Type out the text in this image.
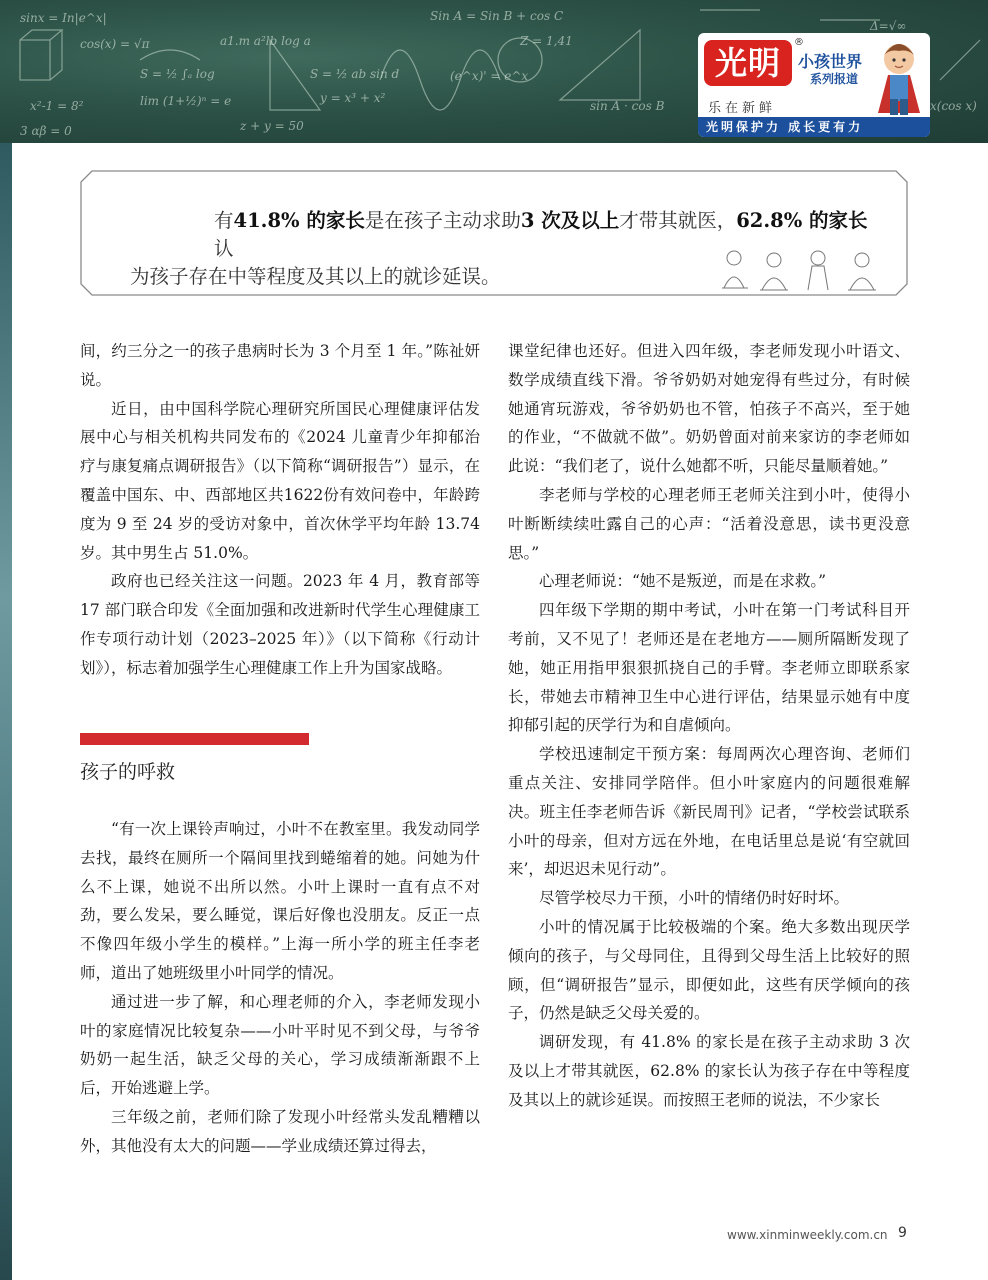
sinx = In|e^x|
cos(x) = √π
S = ½ ∫ₐ log
x²-1 = 8²	lim (1+½)ⁿ = e
a1.m a²lb log a
S = ½ ab sin d
y = x³ + x²
Sin A = Sin B + cos C
Z = 1,41
(e^x)' = e^x
sin A · cos B
Δ=√∞
x(cos x)
3 αβ = 0	z + y = 50
光明
®
小孩世界
系列报道
乐在新鲜
光明保护力 成长更有力
有41.8% 的家长是在孩子主动求助3 次及以上才带其就医，62.8% 的家长认
为孩子存在中等程度及其以上的就诊延误。

间，约三分之一的孩子患病时长为 3 个月至 1 年。”陈祉妍说。

近日，由中国科学院心理研究所国民心理健康评估发展中心与相关机构共同发布的《2024 儿童青少年抑郁治疗与康复痛点调研报告》（以下简称“调研报告”）显示，在覆盖中国东、中、西部地区共1622份有效问卷中，年龄跨度为 9 至 24 岁的受访对象中，首次休学平均年龄 13.74 岁。其中男生占 51.0%。

政府也已经关注这一问题。2023 年 4 月，教育部等 17 部门联合印发《全面加强和改进新时代学生心理健康工作专项行动计划（2023–2025 年）》（以下简称《行动计划》），标志着加强学生心理健康工作上升为国家战略。

孩子的呼救

“有一次上课铃声响过，小叶不在教室里。我发动同学去找，最终在厕所一个隔间里找到蜷缩着的她。问她为什么不上课，她说不出所以然。小叶上课时一直有点不对劲，要么发呆，要么睡觉，课后好像也没朋友。反正一点不像四年级小学生的模样。”上海一所小学的班主任李老师，道出了她班级里小叶同学的情况。

通过进一步了解，和心理老师的介入，李老师发现小叶的家庭情况比较复杂——小叶平时见不到父母，与爷爷奶奶一起生活，缺乏父母的关心，学习成绩渐渐跟不上后，开始逃避上学。

三年级之前，老师们除了发现小叶经常头发乱糟糟以外，其他没有太大的问题——学业成绩还算过得去，

课堂纪律也还好。但进入四年级，李老师发现小叶语文、数学成绩直线下滑。爷爷奶奶对她宠得有些过分，有时候她通宵玩游戏，爷爷奶奶也不管，怕孩子不高兴，至于她的作业，“不做就不做”。奶奶曾面对前来家访的李老师如此说：“我们老了，说什么她都不听，只能尽量顺着她。”

李老师与学校的心理老师王老师关注到小叶，使得小叶断断续续吐露自己的心声：“活着没意思，读书更没意思。”

心理老师说：“她不是叛逆，而是在求救。”

四年级下学期的期中考试，小叶在第一门考试科目开考前，又不见了！老师还是在老地方——厕所隔断发现了她，她正用指甲狠狠抓挠自己的手臂。李老师立即联系家长，带她去市精神卫生中心进行评估，结果显示她有中度抑郁引起的厌学行为和自虐倾向。

学校迅速制定干预方案：每周两次心理咨询、老师们重点关注、安排同学陪伴。但小叶家庭内的问题很难解决。班主任李老师告诉《新民周刊》记者，“学校尝试联系小叶的母亲，但对方远在外地，在电话里总是说‘有空就回来’，却迟迟未见行动”。

尽管学校尽力干预，小叶的情绪仍时好时坏。

小叶的情况属于比较极端的个案。绝大多数出现厌学倾向的孩子，与父母同住，且得到父母生活上比较好的照顾，但“调研报告”显示，即便如此，这些有厌学倾向的孩子，仍然是缺乏父母关爱的。

调研发现，有 41.8% 的家长是在孩子主动求助 3 次及以上才带其就医，62.8% 的家长认为孩子存在中等程度及其以上的就诊延误。而按照王老师的说法，不少家长

www.xinminweekly.com.cn 9
